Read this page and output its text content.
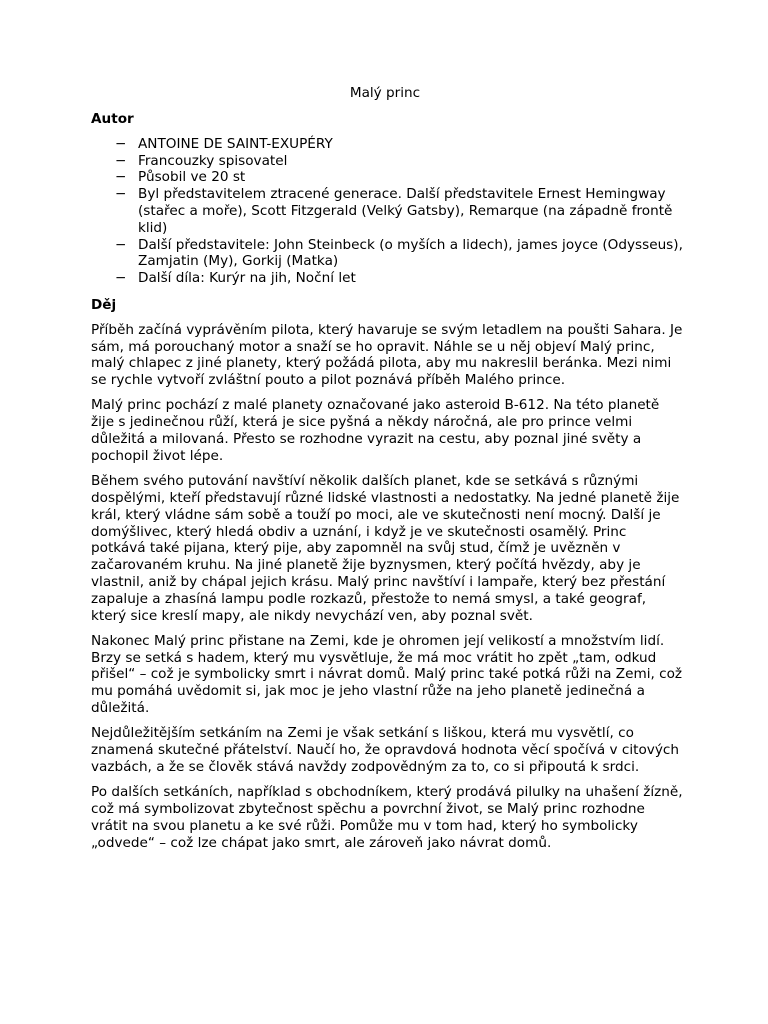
Malý princ
Autor
− ANTOINE DE SAINT-EXUPÉRY
− Francouzky spisovatel
− Působil ve 20 st
− Byl představitelem ztracené generace. Další představitele Ernest Hemingway (stařec a moře), Scott Fitzgerald (Velký Gatsby), Remarque (na západně frontě klid)
− Další představitele: John Steinbeck (o myších a lidech), james joyce (Odysseus), Zamjatin (My), Gorkij (Matka)
− Další díla: Kurýr na jih, Noční let
Děj

Příběh začíná vyprávěním pilota, který havaruje se svým letadlem na poušti Sahara. Je sám, má porouchaný motor a snaží se ho opravit. Náhle se u něj objeví Malý princ, malý chlapec z jiné planety, který požádá pilota, aby mu nakreslil beránka. Mezi nimi se rychle vytvoří zvláštní pouto a pilot poznává příběh Malého prince.

Malý princ pochází z malé planety označované jako asteroid B-612. Na této planetě žije s jedinečnou růží, která je sice pyšná a někdy náročná, ale pro prince velmi důležitá a milovaná. Přesto se rozhodne vyrazit na cestu, aby poznal jiné světy a pochopil život lépe.

Během svého putování navštíví několik dalších planet, kde se setkává s různými dospělými, kteří představují různé lidské vlastnosti a nedostatky. Na jedné planetě žije král, který vládne sám sobě a touží po moci, ale ve skutečnosti není mocný. Další je domýšlivec, který hledá obdiv a uznání, i když je ve skutečnosti osamělý. Princ potkává také pijana, který pije, aby zapomněl na svůj stud, čímž je uvězněn v začarovaném kruhu. Na jiné planetě žije byznysmen, který počítá hvězdy, aby je vlastnil, aniž by chápal jejich krásu. Malý princ navštíví i lampaře, který bez přestání zapaluje a zhasíná lampu podle rozkazů, přestože to nemá smysl, a také geograf, který sice kreslí mapy, ale nikdy nevychází ven, aby poznal svět.

Nakonec Malý princ přistane na Zemi, kde je ohromen její velikostí a množstvím lidí. Brzy se setká s hadem, který mu vysvětluje, že má moc vrátit ho zpět „tam, odkud přišel“ – což je symbolicky smrt i návrat domů. Malý princ také potká růži na Zemi, což mu pomáhá uvědomit si, jak moc je jeho vlastní růže na jeho planetě jedinečná a důležitá.

Nejdůležitějším setkáním na Zemi je však setkání s liškou, která mu vysvětlí, co znamená skutečné přátelství. Naučí ho, že opravdová hodnota věcí spočívá v citových vazbách, a že se člověk stává navždy zodpovědným za to, co si připoutá k srdci.

Po dalších setkáních, například s obchodníkem, který prodává pilulky na uhašení žízně, což má symbolizovat zbytečnost spěchu a povrchní život, se Malý princ rozhodne vrátit na svou planetu a ke své růži. Pomůže mu v tom had, který ho symbolicky „odvede“ – což lze chápat jako smrt, ale zároveň jako návrat domů.
